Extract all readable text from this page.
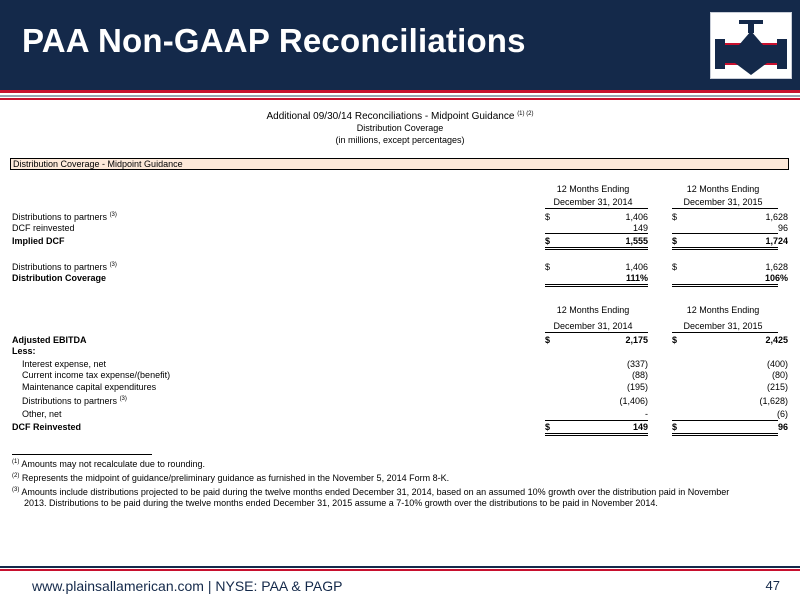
PAA Non-GAAP Reconciliations
Additional 09/30/14 Reconciliations - Midpoint Guidance $^{(1) (2)}$
Distribution Coverage
(in millions, except percentages)
Distribution Coverage - Midpoint Guidance
12 Months Ending
December 31, 2014
12 Months Ending
December 31, 2015
Distributions to partners $^{(3)}$	$	1,406	$	1,628
DCF reinvested	149	96
Implied DCF	$	1,555	$	1,724
Distributions to partners $^{(3)}$	$	1,406	$	1,628
Distribution Coverage	111%	106%
12 Months Ending
December 31, 2014
12 Months Ending
December 31, 2015
Adjusted EBITDA	$	2,175	$	2,425
Less:
Interest expense, net	(337)	(400)
Current income tax expense/(benefit)	(88)	(80)
Maintenance capital expenditures	(195)	(215)
Distributions to partners $^{(3)}$	(1,406)	(1,628)
Other, net	-	(6)
DCF Reinvested	$	149	$	96
$^{(1)}$ Amounts may not recalculate due to rounding.
$^{(2)}$ Represents the midpoint of guidance/preliminary guidance as furnished in the November 5, 2014 Form 8-K.
$^{(3)}$ Amounts include distributions projected to be paid during the twelve months ended December 31, 2014, based on an assumed 10% growth over the distribution paid in November
2013. Distributions to be paid during the twelve months ended December 31, 2015 assume a 7-10% growth over the distributions to be paid in November 2014.
www.plainsallamerican.com | NYSE: PAA & PAGP	47
